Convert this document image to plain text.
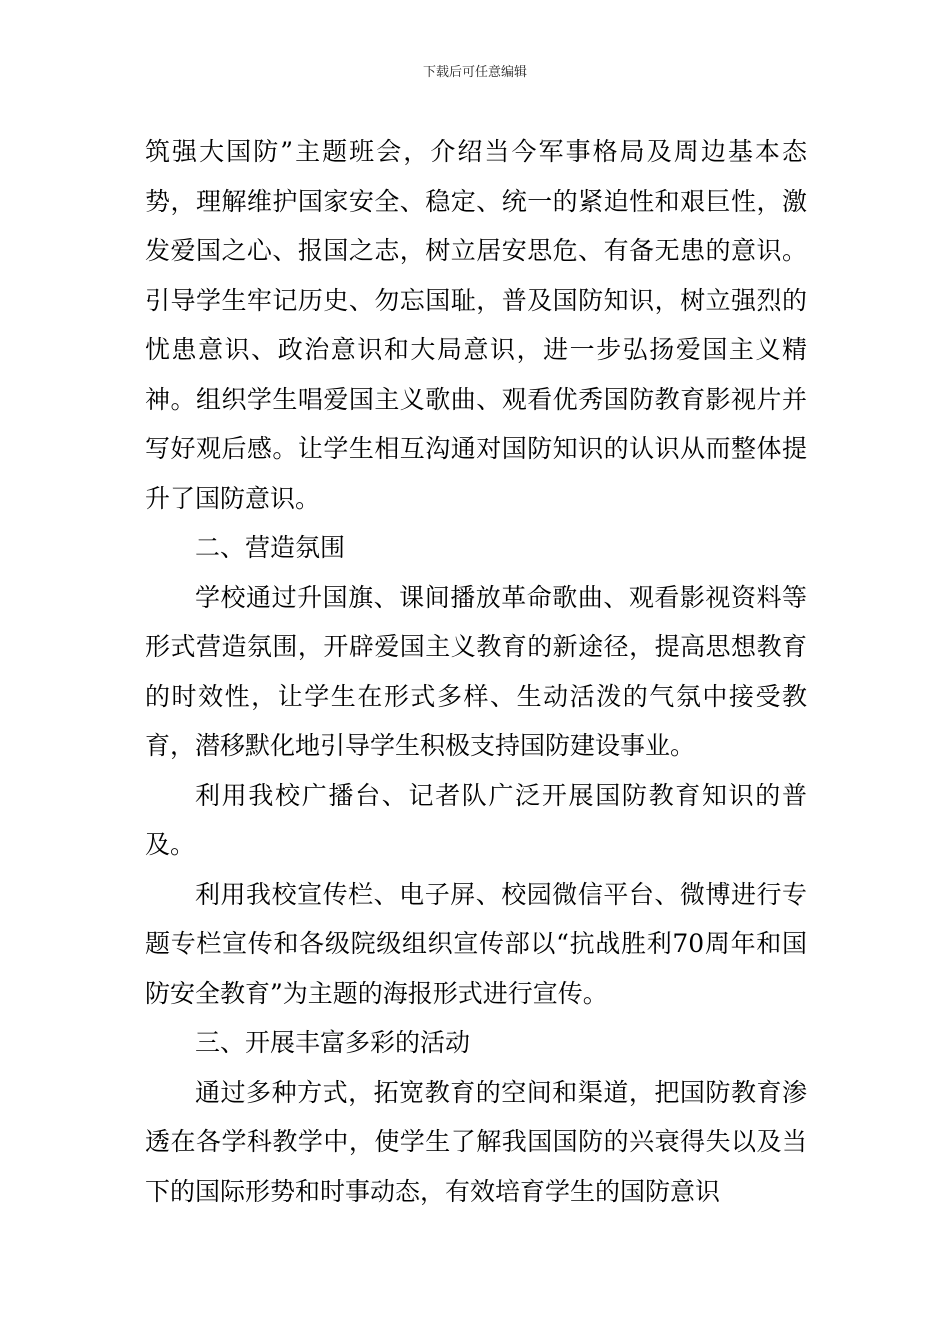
下载后可任意编辑

筑强大国防”主题班会，介绍当今军事格局及周边基本态势，理解维护国家安全、稳定、统一的紧迫性和艰巨性，激发爱国之心、报国之志，树立居安思危、有备无患的意识。引导学生牢记历史、勿忘国耻，普及国防知识，树立强烈的忧患意识、政治意识和大局意识，进一步弘扬爱国主义精神。组织学生唱爱国主义歌曲、观看优秀国防教育影视片并写好观后感。让学生相互沟通对国防知识的认识从而整体提升了国防意识。

二、营造氛围

学校通过升国旗、课间播放革命歌曲、观看影视资料等形式营造氛围，开辟爱国主义教育的新途径，提高思想教育的时效性，让学生在形式多样、生动活泼的气氛中接受教育，潜移默化地引导学生积极支持国防建设事业。

利用我校广播台、记者队广泛开展国防教育知识的普及。

利用我校宣传栏、电子屏、校园微信平台、微博进行专题专栏宣传和各级院级组织宣传部以“抗战胜利70周年和国防安全教育”为主题的海报形式进行宣传。

三、开展丰富多彩的活动

通过多种方式，拓宽教育的空间和渠道，把国防教育渗透在各学科教学中，使学生了解我国国防的兴衰得失以及当下的国际形势和时事动态，有效培育学生的国防意识
